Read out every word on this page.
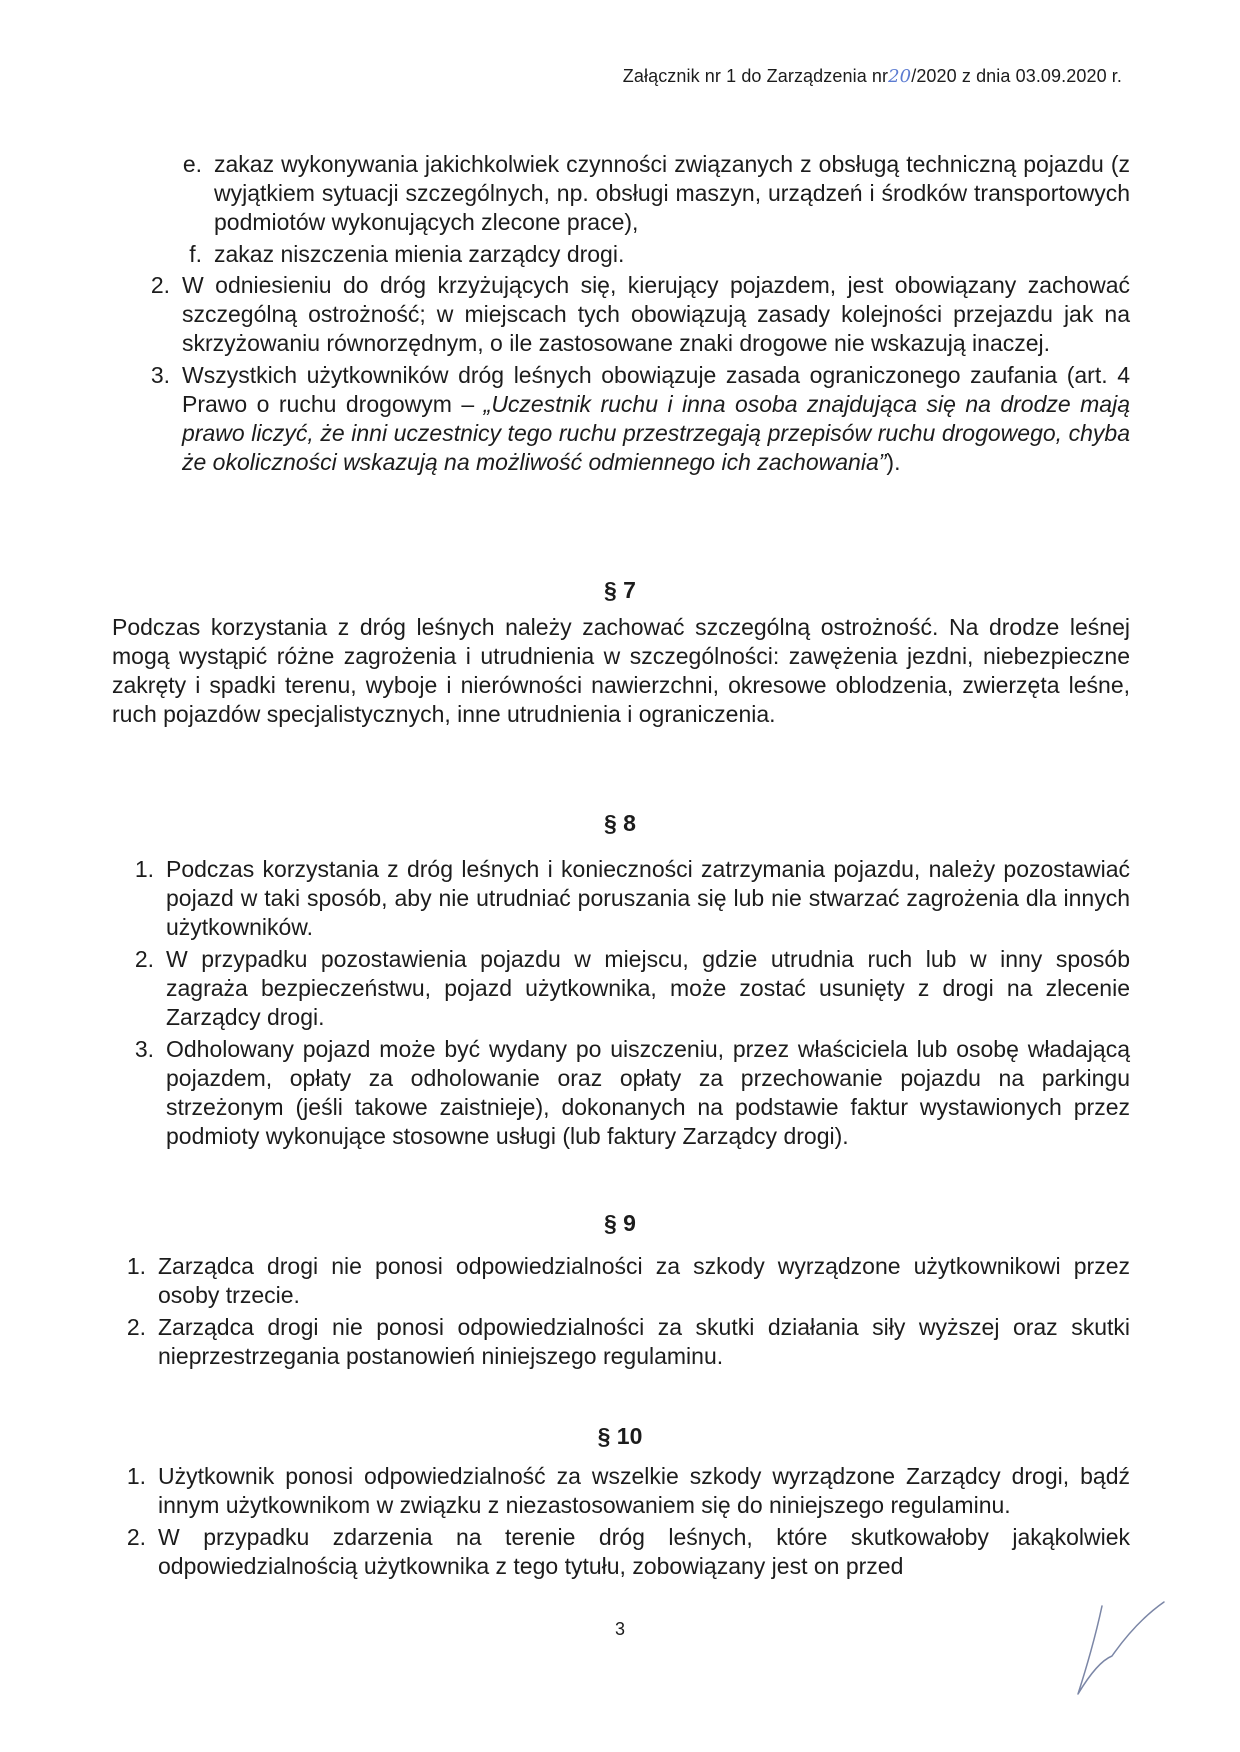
Załącznik nr 1 do Zarządzenia nr20/2020 z dnia 03.09.2020 r.
e. zakaz wykonywania jakichkolwiek czynności związanych z obsługą techniczną pojazdu (z wyjątkiem sytuacji szczególnych, np. obsługi maszyn, urządzeń i środków transportowych podmiotów wykonujących zlecone prace),
f. zakaz niszczenia mienia zarządcy drogi.
2. W odniesieniu do dróg krzyżujących się, kierujący pojazdem, jest obowiązany zachować szczególną ostrożność; w miejscach tych obowiązują zasady kolejności przejazdu jak na skrzyżowaniu równorzędnym, o ile zastosowane znaki drogowe nie wskazują inaczej.
3. Wszystkich użytkowników dróg leśnych obowiązuje zasada ograniczonego zaufania (art. 4 Prawo o ruchu drogowym – „Uczestnik ruchu i inna osoba znajdująca się na drodze mają prawo liczyć, że inni uczestnicy tego ruchu przestrzegają przepisów ruchu drogowego, chyba że okoliczności wskazują na możliwość odmiennego ich zachowania”).
§ 7

Podczas korzystania z dróg leśnych należy zachować szczególną ostrożność. Na drodze leśnej mogą wystąpić różne zagrożenia i utrudnienia w szczególności: zawężenia jezdni, niebezpieczne zakręty i spadki terenu, wyboje i nierówności nawierzchni, okresowe oblodzenia, zwierzęta leśne, ruch pojazdów specjalistycznych, inne utrudnienia i ograniczenia.

§ 8
1. Podczas korzystania z dróg leśnych i konieczności zatrzymania pojazdu, należy pozostawiać pojazd w taki sposób, aby nie utrudniać poruszania się lub nie stwarzać zagrożenia dla innych użytkowników.
2. W przypadku pozostawienia pojazdu w miejscu, gdzie utrudnia ruch lub w inny sposób zagraża bezpieczeństwu, pojazd użytkownika, może zostać usunięty z drogi na zlecenie Zarządcy drogi.
3. Odholowany pojazd może być wydany po uiszczeniu, przez właściciela lub osobę władającą pojazdem, opłaty za odholowanie oraz opłaty za przechowanie pojazdu na parkingu strzeżonym (jeśli takowe zaistnieje), dokonanych na podstawie faktur wystawionych przez podmioty wykonujące stosowne usługi (lub faktury Zarządcy drogi).
§ 9
1. Zarządca drogi nie ponosi odpowiedzialności za szkody wyrządzone użytkownikowi przez osoby trzecie.
2. Zarządca drogi nie ponosi odpowiedzialności za skutki działania siły wyższej oraz skutki nieprzestrzegania postanowień niniejszego regulaminu.
§ 10
1. Użytkownik ponosi odpowiedzialność za wszelkie szkody wyrządzone Zarządcy drogi, bądź innym użytkownikom w związku z niezastosowaniem się do niniejszego regulaminu.
2. W przypadku zdarzenia na terenie dróg leśnych, które skutkowałoby jakąkolwiek odpowiedzialnością użytkownika z tego tytułu, zobowiązany jest on przed
3
